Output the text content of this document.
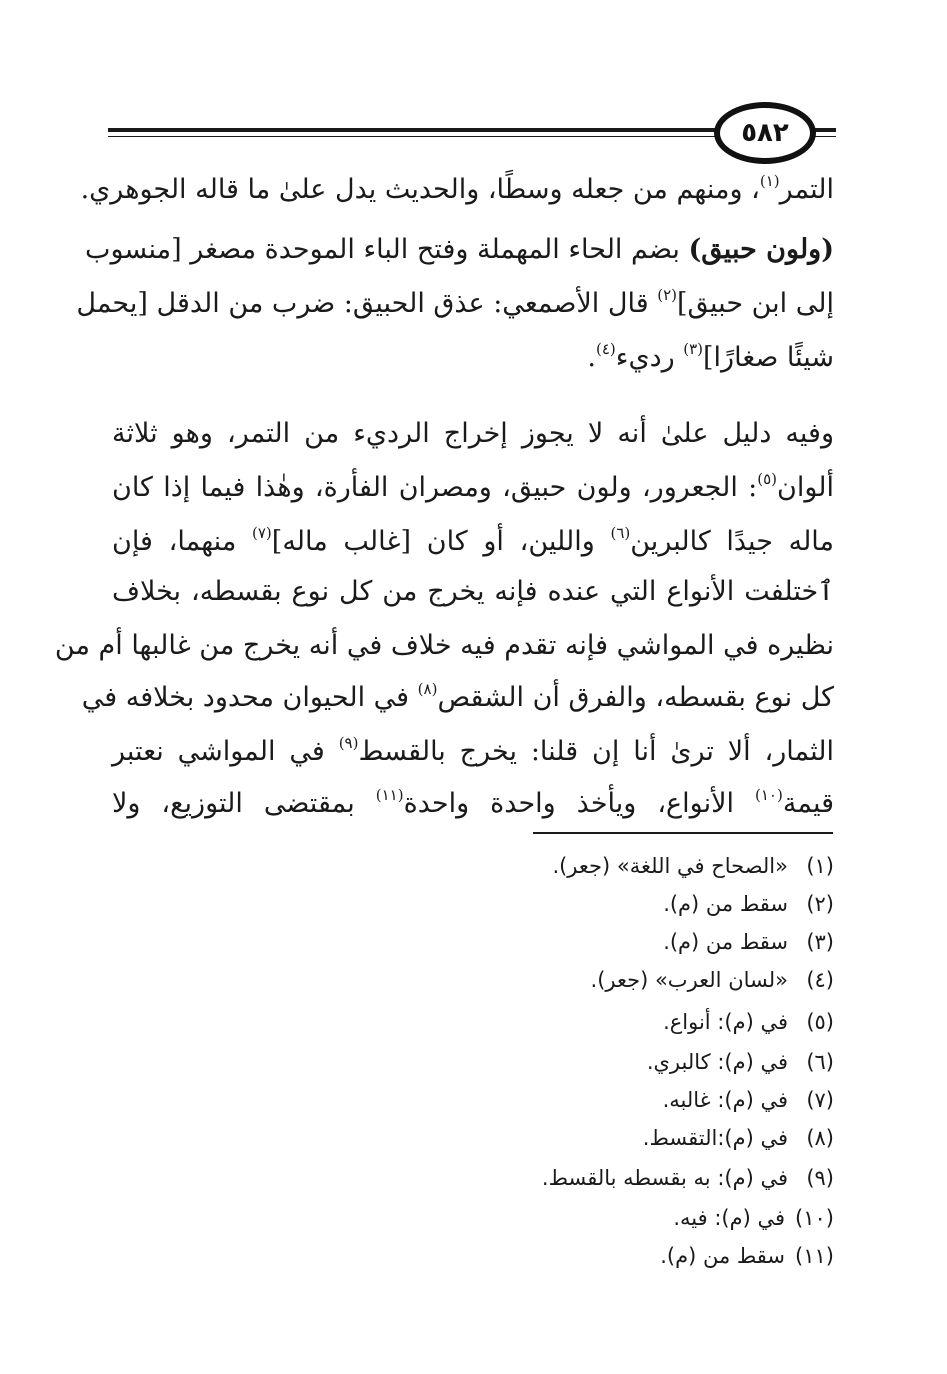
٥٨٢
التمر$^{(١)}$، ومنهم من جعله وسطًا، والحديث يدل علىٰ ما قاله الجوهري.
(ولون حبيق) بضم الحاء المهملة وفتح الباء الموحدة مصغر [منسوب
إلى ابن حبيق]$^{(٢)}$ قال الأصمعي: عذق الحبيق: ضرب من الدقل [يحمل
شيئًا صغارًا]$^{(٣)}$ رديء$^{(٤)}$.
وفيه دليل علىٰ أنه لا يجوز إخراج الرديء من التمر، وهو ثلاثة
ألوان$^{(٥)}$: الجعرور، ولون حبيق، ومصران الفأرة، وهٰذا فيما إذا كان
ماله جيدًا كالبرين$^{(٦)}$ واللين، أو كان [غالب ماله]$^{(٧)}$ منهما، فإن
ٱختلفت الأنواع التي عنده فإنه يخرج من كل نوع بقسطه، بخلاف
نظيره في المواشي فإنه تقدم فيه خلاف في أنه يخرج من غالبها أم من
كل نوع بقسطه، والفرق أن الشقص$^{(٨)}$ في الحيوان محدود بخلافه في
الثمار، ألا ترىٰ أنا إن قلنا: يخرج بالقسط$^{(٩)}$ في المواشي نعتبر
قيمة$^{(١٠)}$ الأنواع، ويأخذ واحدة واحدة$^{(١١)}$ بمقتضى التوزيع، ولا
(١)«الصحاح في اللغة» (جعر).
(٢)سقط من (م).
(٣)سقط من (م).
(٤)«لسان العرب» (جعر).
(٥)في (م): أنواع.
(٦)في (م): كالبري.
(٧)في (م): غالبه.
(٨)في (م):التقسط.
(٩)في (م): به بقسطه بالقسط.
(١٠)في (م): فيه.
(١١)سقط من (م).
